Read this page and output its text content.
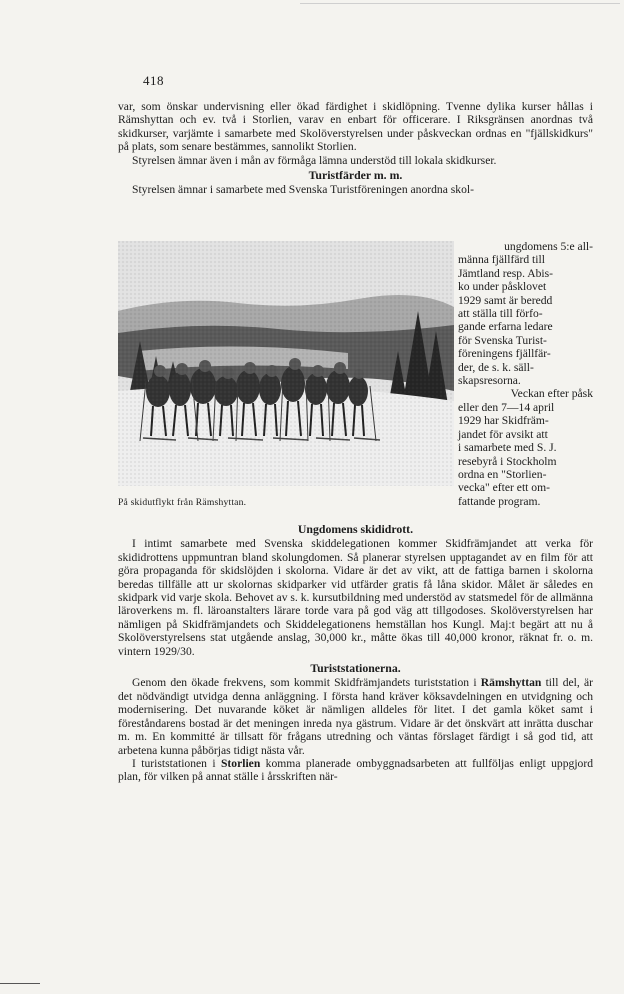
418

var, som önskar undervisning eller ökad färdighet i skidlöpning. Tvenne dylika kurser hållas i Rämshyttan och ev. två i Storlien, varav en enbart för officerare. I Riksgränsen anordnas två skidkurser, varjämte i samarbete med Skolöverstyrelsen under påskveckan ordnas en "fjällskidkurs" på plats, som senare bestämmes, sannolikt Storlien.

Styrelsen ämnar även i mån av förmåga lämna understöd till lokala skidkurser.

Turistfärder m. m.

Styrelsen ämnar i samarbete med Svenska Turistföreningen anordna skol-

På skidutflykt från Rämshyttan.

ungdomens 5:e all-

männa fjällfärd till

Jämtland resp. Abis-

ko under påsklovet

1929 samt är beredd

att ställa till förfo-

gande erfarna ledare

för Svenska Turist-

föreningens fjällfär-

der, de s. k. säll-

skapsresorna.

Veckan efter påsk

eller den 7—14 april

1929 har Skidfräm-

jandet för avsikt att

i samarbete med S. J.

resebyrå i Stockholm

ordna en "Storlien-

vecka" efter ett om-

fattande program.

Ungdomens skididrott.

I intimt samarbete med Svenska skiddelegationen kommer Skidfrämjandet att verka för skididrottens uppmuntran bland skolungdomen. Så planerar styrelsen upptagandet av en film för att göra propaganda för skidslöjden i skolorna. Vidare är det av vikt, att de fattiga barnen i skolorna beredas tillfälle att ur skolornas skidparker vid utfärder gratis få låna skidor. Målet är således en skidpark vid varje skola. Behovet av s. k. kursutbildning med understöd av statsmedel för de allmänna läroverkens m. fl. läroanstalters lärare torde vara på god väg att tillgodoses. Skolöverstyrelsen har nämligen på Skidfrämjandets och Skiddelegationens hemställan hos Kungl. Maj:t begärt att nu å Skolöverstyrelsens stat utgående anslag, 30,000 kr., måtte ökas till 40,000 kronor, räknat fr. o. m. vintern 1929/30.

Turiststationerna.

Genom den ökade frekvens, som kommit Skidfrämjandets turiststation i Rämshyttan till del, är det nödvändigt utvidga denna anläggning. I första hand kräver köksavdelningen en utvidgning och modernisering. Det nuvarande köket är nämligen alldeles för litet. I det gamla köket samt i föreståndarens bostad är det meningen inreda nya gästrum. Vidare är det önskvärt att inrätta duschar m. m. En kommitté är tillsatt för frågans utredning och väntas förslaget färdigt i så god tid, att arbetena kunna påbörjas tidigt nästa vår.

I turiststationen i Storlien komma planerade ombyggnadsarbeten att fullföljas enligt uppgjord plan, för vilken på annat ställe i årsskriften när-
